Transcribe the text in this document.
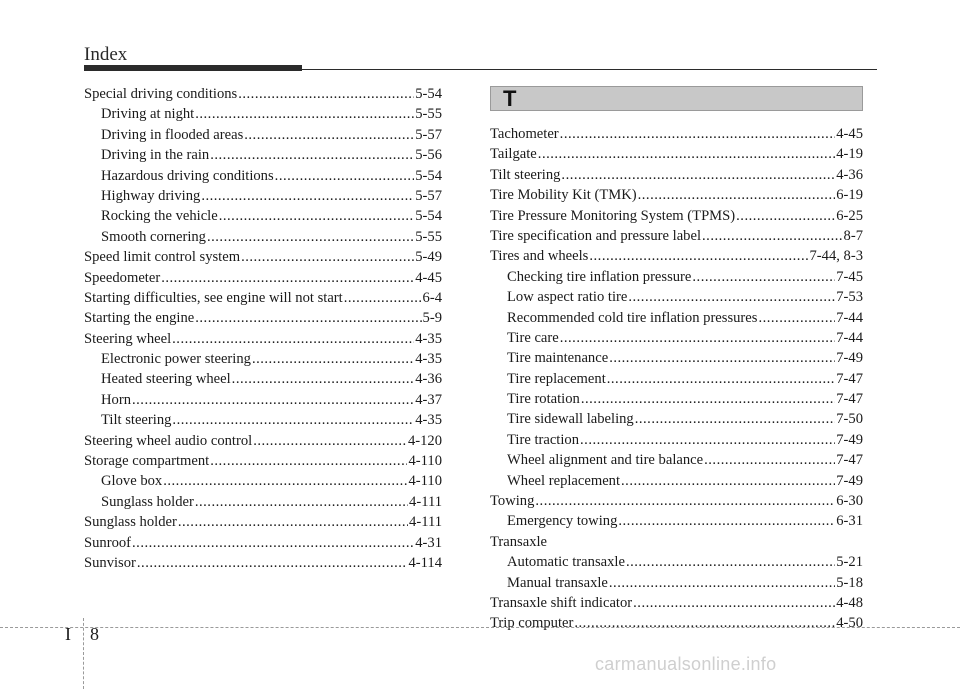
Index
Special driving conditions .....	5-54
Driving at night .....	5-55
Driving in flooded areas .....	5-57
Driving in the rain .....	5-56
Hazardous driving conditions .....	5-54
Highway driving .....	5-57
Rocking the vehicle .....	5-54
Smooth cornering .....	5-55
Speed limit control system .....	5-49
Speedometer .....	4-45
Starting difficulties, see engine will not start .....	6-4
Starting the engine .....	5-9
Steering wheel .....	4-35
Electronic power steering .....	4-35
Heated steering wheel .....	4-36
Horn .....	4-37
Tilt steering .....	4-35
Steering wheel audio control .....	4-120
Storage compartment .....	4-110
Glove box .....	4-110
Sunglass holder .....	4-111
Sunglass holder .....	4-111
Sunroof .....	4-31
Sunvisor .....	4-114
T
Tachometer .....	4-45
Tailgate .....	4-19
Tilt steering .....	4-36
Tire Mobility Kit (TMK) .....	6-19
Tire Pressure Monitoring System (TPMS) .....	6-25
Tire specification and pressure label .....	8-7
Tires and wheels .....	7-44, 8-3
Checking tire inflation pressure .....	7-45
Low aspect ratio tire .....	7-53
Recommended cold tire inflation pressures .....	7-44
Tire care .....	7-44
Tire maintenance .....	7-49
Tire replacement .....	7-47
Tire rotation .....	7-47
Tire sidewall labeling .....	7-50
Tire traction .....	7-49
Wheel alignment and tire balance .....	7-47
Wheel replacement .....	7-49
Towing .....	6-30
Emergency towing .....	6-31
Transaxle
Automatic transaxle .....	5-21
Manual transaxle .....	5-18
Transaxle shift indicator .....	4-48
Trip computer .....	4-50
I 8
carmanualsonline.info
